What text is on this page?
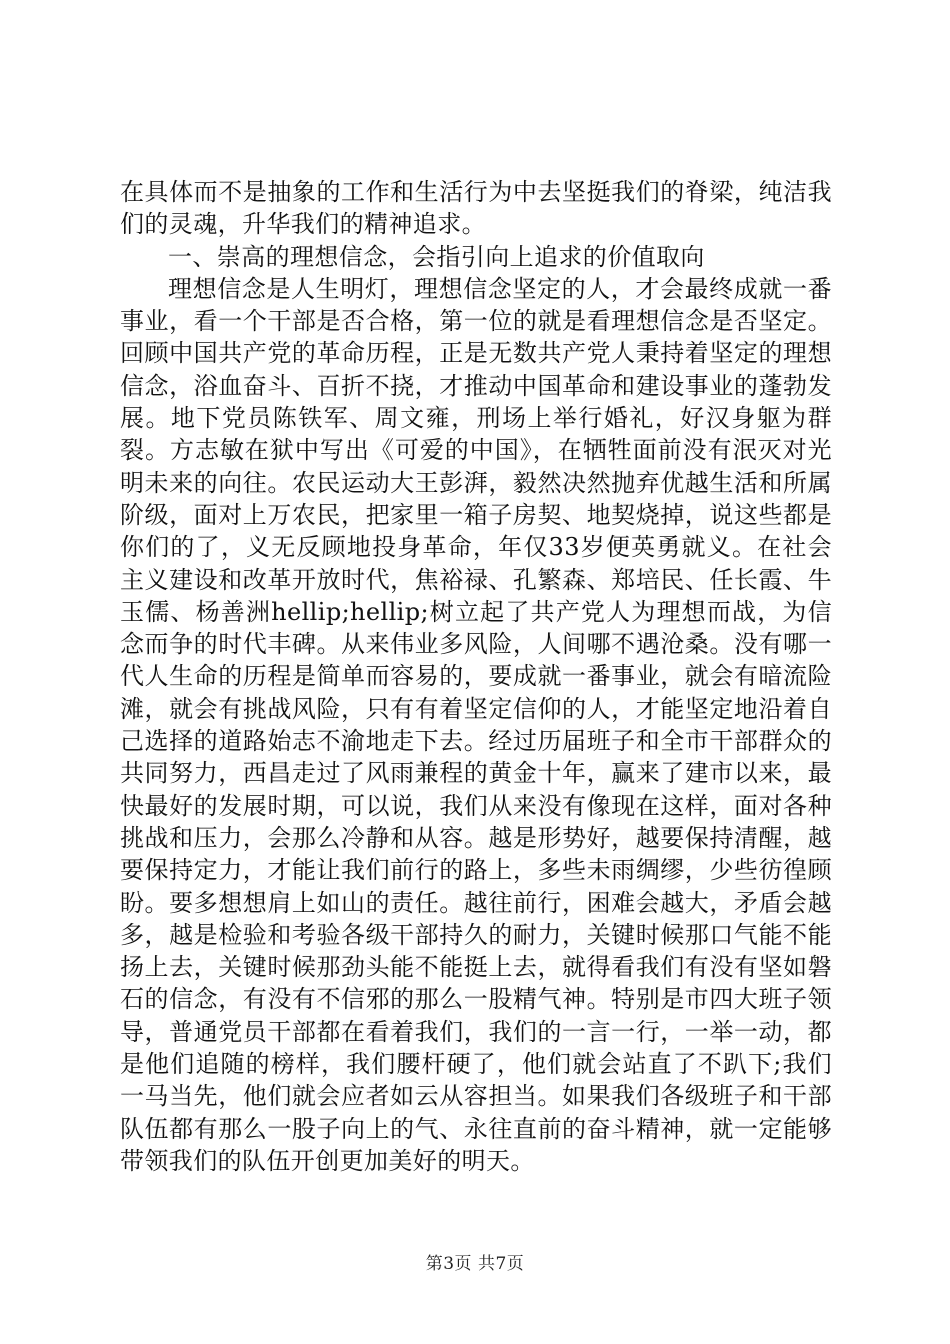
在具体而不是抽象的工作和生活行为中去坚挺我们的脊梁，纯洁我们的灵魂，升华我们的精神追求。

一、崇高的理想信念，会指引向上追求的价值取向

理想信念是人生明灯，理想信念坚定的人，才会最终成就一番事业，看一个干部是否合格，第一位的就是看理想信念是否坚定。回顾中国共产党的革命历程，正是无数共产党人秉持着坚定的理想信念，浴血奋斗、百折不挠，才推动中国革命和建设事业的蓬勃发展。地下党员陈铁军、周文雍，刑场上举行婚礼，好汉身躯为群裂。方志敏在狱中写出《可爱的中国》，在牺牲面前没有泯灭对光明未来的向往。农民运动大王彭湃，毅然决然抛弃优越生活和所属阶级，面对上万农民，把家里一箱子房契、地契烧掉，说这些都是你们的了，义无反顾地投身革命，年仅33岁便英勇就义。在社会主义建设和改革开放时代，焦裕禄、孔繁森、郑培民、任长霞、牛玉儒、杨善洲hellip;hellip;树立起了共产党人为理想而战，为信念而争的时代丰碑。从来伟业多风险，人间哪不遇沧桑。没有哪一代人生命的历程是简单而容易的，要成就一番事业，就会有暗流险滩，就会有挑战风险，只有有着坚定信仰的人，才能坚定地沿着自己选择的道路始志不渝地走下去。经过历届班子和全市干部群众的共同努力，西昌走过了风雨兼程的黄金十年，赢来了建市以来，最快最好的发展时期，可以说，我们从来没有像现在这样，面对各种挑战和压力，会那么冷静和从容。越是形势好，越要保持清醒，越要保持定力，才能让我们前行的路上，多些未雨绸缪，少些彷徨顾盼。要多想想肩上如山的责任。越往前行，困难会越大，矛盾会越多，越是检验和考验各级干部持久的耐力，关键时候那口气能不能扬上去，关键时候那劲头能不能挺上去，就得看我们有没有坚如磐石的信念，有没有不信邪的那么一股精气神。特别是市四大班子领导，普通党员干部都在看着我们，我们的一言一行，一举一动，都是他们追随的榜样，我们腰杆硬了，他们就会站直了不趴下;我们一马当先，他们就会应者如云从容担当。如果我们各级班子和干部队伍都有那么一股子向上的气、永往直前的奋斗精神，就一定能够带领我们的队伍开创更加美好的明天。

第3页 共7页
